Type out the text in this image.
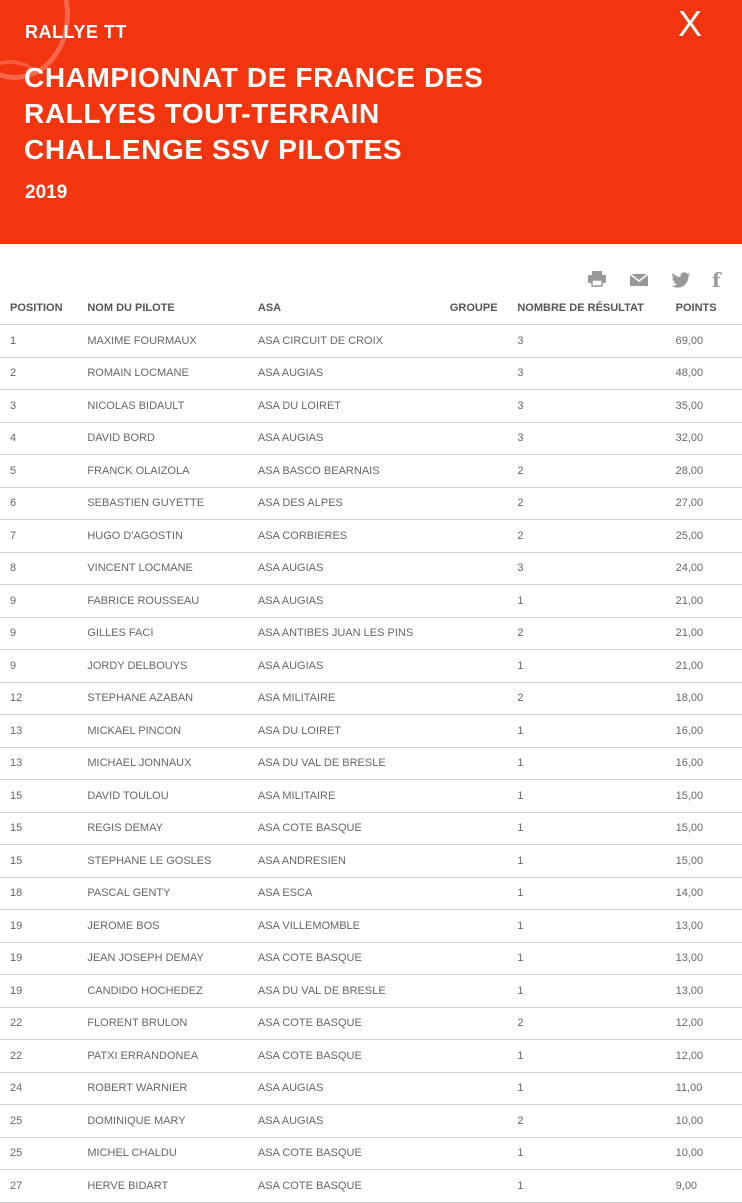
RALLYE TT
CHAMPIONNAT DE FRANCE DES
RALLYES TOUT-TERRAIN
CHALLENGE SSV PILOTES
2019
X
f
POSITION	NOM DU PILOTE	ASA	GROUPE	NOMBRE DE RÉSULTAT	POINTS
1	MAXIME FOURMAUX	ASA CIRCUIT DE CROIX		3	69,00
2	ROMAIN LOCMANE	ASA AUGIAS		3	48,00
3	NICOLAS BIDAULT	ASA DU LOIRET		3	35,00
4	DAVID BORD	ASA AUGIAS		3	32,00
5	FRANCK OLAIZOLA	ASA BASCO BEARNAIS		2	28,00
6	SEBASTIEN GUYETTE	ASA DES ALPES		2	27,00
7	HUGO D'AGOSTIN	ASA CORBIERES		2	25,00
8	VINCENT LOCMANE	ASA AUGIAS		3	24,00
9	FABRICE ROUSSEAU	ASA AUGIAS		1	21,00
9	GILLES FACI	ASA ANTIBES JUAN LES PINS		2	21,00
9	JORDY DELBOUYS	ASA AUGIAS		1	21,00
12	STEPHANE AZABAN	ASA MILITAIRE		2	18,00
13	MICKAEL PINCON	ASA DU LOIRET		1	16,00
13	MICHAEL JONNAUX	ASA DU VAL DE BRESLE		1	16,00
15	DAVID TOULOU	ASA MILITAIRE		1	15,00
15	REGIS DEMAY	ASA COTE BASQUE		1	15,00
15	STEPHANE LE GOSLES	ASA ANDRESIEN		1	15,00
18	PASCAL GENTY	ASA ESCA		1	14,00
19	JEROME BOS	ASA VILLEMOMBLE		1	13,00
19	JEAN JOSEPH DEMAY	ASA COTE BASQUE		1	13,00
19	CANDIDO HOCHEDEZ	ASA DU VAL DE BRESLE		1	13,00
22	FLORENT BRULON	ASA COTE BASQUE		2	12,00
22	PATXI ERRANDONEA	ASA COTE BASQUE		1	12,00
24	ROBERT WARNIER	ASA AUGIAS		1	11,00
25	DOMINIQUE MARY	ASA AUGIAS		2	10,00
25	MICHEL CHALDU	ASA COTE BASQUE		1	10,00
27	HERVE BIDART	ASA COTE BASQUE		1	9,00
